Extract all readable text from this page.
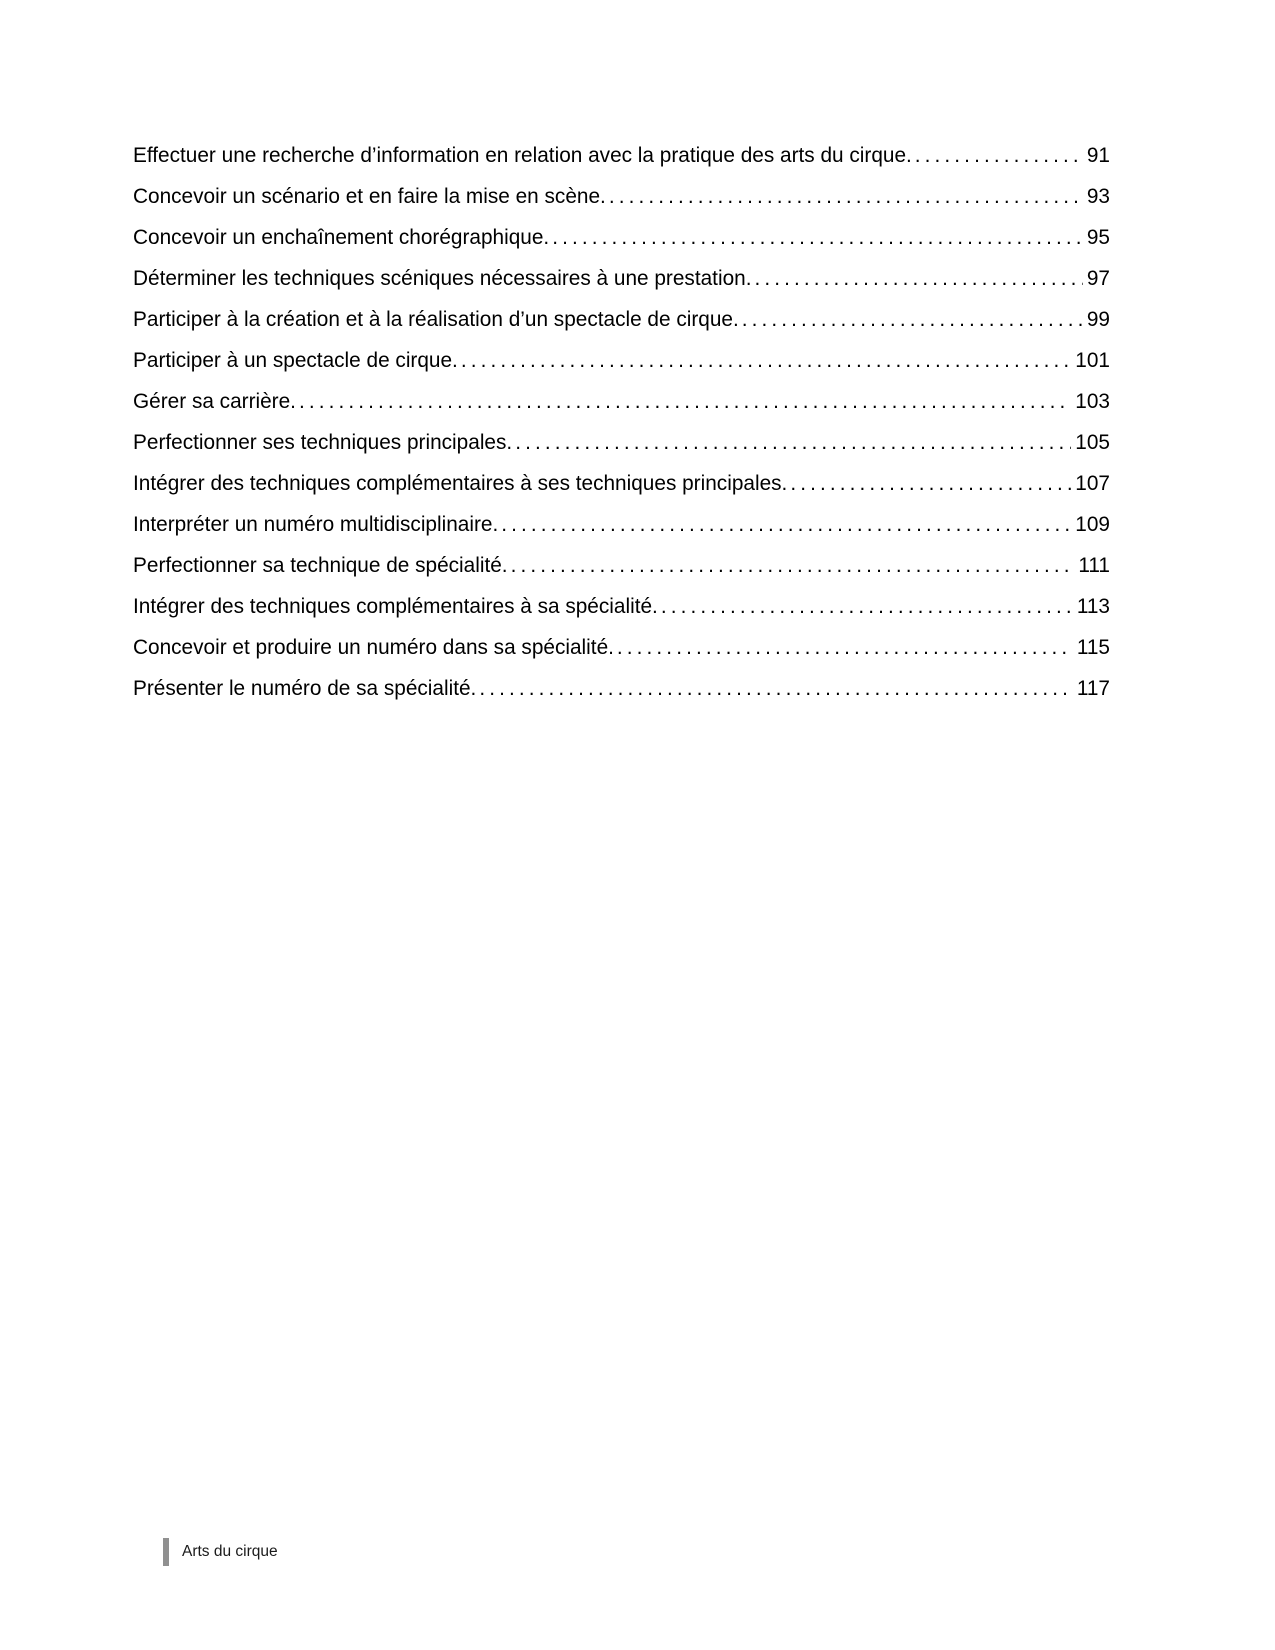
Effectuer une recherche d’information en relation avec la pratique des arts du cirque. .....	91
Concevoir un scénario et en faire la mise en scène. .....	93
Concevoir un enchaînement chorégraphique. .....	95
Déterminer les techniques scéniques nécessaires à une prestation. .....	97
Participer à la création et à la réalisation d’un spectacle de cirque. .....	99
Participer à un spectacle de cirque. .....	101
Gérer sa carrière. .....	103
Perfectionner ses techniques principales. .....	105
Intégrer des techniques complémentaires à ses techniques principales. .....	107
Interpréter un numéro multidisciplinaire. .....	109
Perfectionner sa technique de spécialité. .....	111
Intégrer des techniques complémentaires à sa spécialité. .....	113
Concevoir et produire un numéro dans sa spécialité. .....	115
Présenter le numéro de sa spécialité. .....	117
Arts du cirque
